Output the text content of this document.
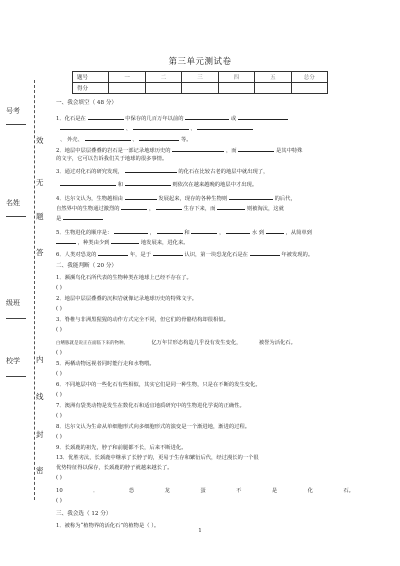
号考
名姓
级班
校学
效
无
题
答
内
线
封
密
第三单元测试卷
题号	一	二	三	四	五	总分
得分						
一、我会填空（ 48 分）
1．化石是在	中保存的几百万年以前的	或
、	、
、 外壳、	、	等。
2．地层中层层叠叠的岩石是一部记录地球历史的	，而	是其中特殊
的文字，它可以告诉我们关于地球的很多事情。
3．通过对化石的研究发现，	的化石在比较古老的地层中就出现了，
和	则依次在越来越晚的地层中才出现。
4．达尔文认为，生物越相由	发展起来，现存的各种生物则	的后代，
自然界中的生物通过激烈的	，	生存下来，而	则被淘汰，这就
是
5．生物进化的顺序是：	，	和	，	水 到	，从简单到
，种类由少到	地发展来，进化来。
6．人类对恐龙的	年，是于	认识，第一块恐龙化石是在	年被发现的。
二、我能判断（ 20 分）
1．濒濒鸟化石所代表的生物种类在地球上已经不存在了。
( )
2．地层中层层叠叠的沉积岩就像记录地球历史的特殊文字。
( )
3．脊椎与非洲黑猩猩的动作方式完全不同，但它们的骨骼结构却很相似。
( )
白鳍豚就是说正在面临下来的物种。	亿万年甘形态构造几乎没有发生变化，	被誉为活化石。
( )
5．两栖动物远视者同时能行走和水物喂。
( )
6．不同地层中的一些化石有些相似，其实它们是同一种生物，只是在不断的发生变化。
( )
7．澳洲有袋类动物是发生在数化石和适宜地质研究中的生物进化学说的正确性。
( )
8．达尔文认为生命从单细胞形式向多细胞形式的演变是一个渐进地，渐进的过程。
( )
9．长颈鹿的祖先，脖子和前腿都不长，后来不断进化。
13．优胜劣汰，长颈鹿中继承了长脖子的，更易于生存和繁衍后代，经过漫长的一个很
优势特征得以保存，长颈鹿的脖子就越来越长了。
( )
10	．	恐	龙	蛋	不	是	化	石。
( )
三、我会选（ 12 分）
1．被称为“植物界的活化石”的植物是（ ）。
1
